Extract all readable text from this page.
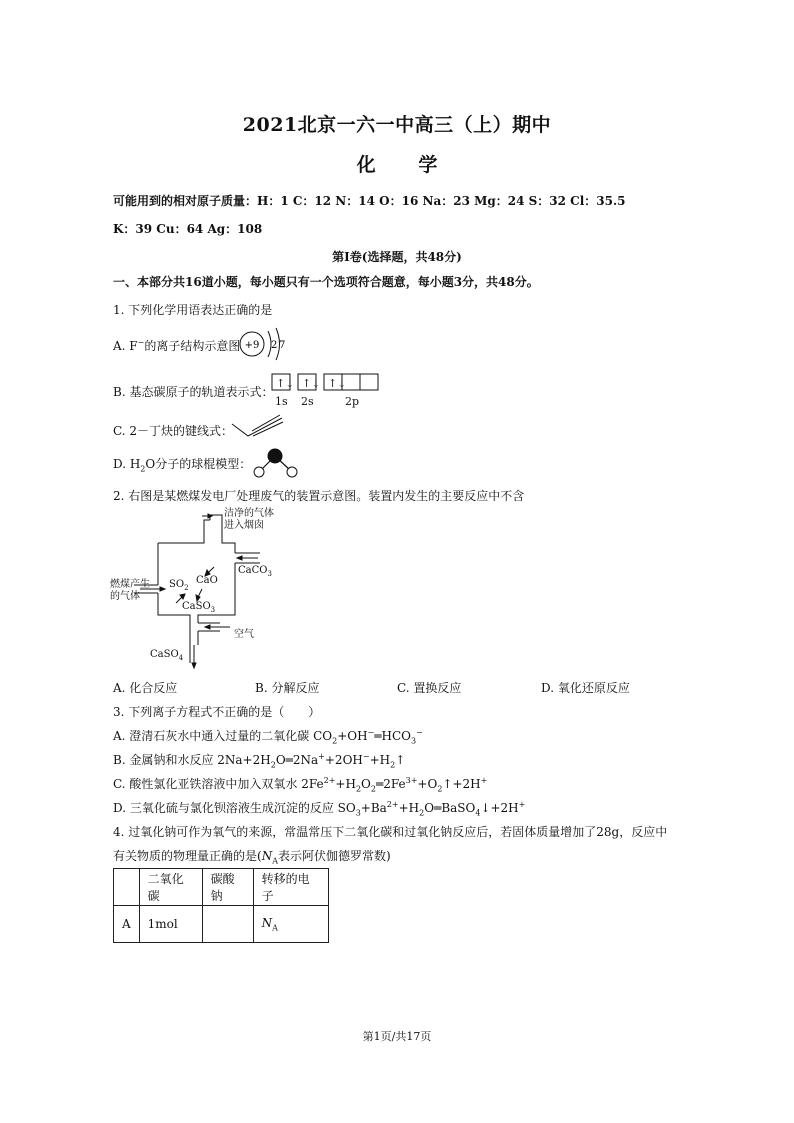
2021北京一六一中高三（上）期中
化 学
可能用到的相对原子质量：H：1 C：12 N：14 O：16 Na：23 Mg：24 S：32 Cl：35.5
K：39 Cu：64 Ag：108
第Ⅰ卷(选择题，共48分)
一、本部分共16道小题，每小题只有一个选项符合题意，每小题3分，共48分。
1. 下列化学用语表达正确的是
A. F−的离子结构示意图 +9 2 7
B. 基态碳原子的轨道表示式：
↑↓ ↑↓ ↑↓
1s 2s	2p
C. 2－丁炔的键线式：
D. $H_2O$分子的球棍模型：
2. 右图是某燃煤发电厂处理废气的装置示意图。装置内发生的主要反应中不含
洁净的气体
进入烟囱
CaCO$_3$
燃煤产生
的气体
$SO_2$
CaO
CaSO$_3$
空气
CaSO$_4$
A. 化合反应	B. 分解反应	C. 置换反应	D. 氧化还原反应
3. 下列离子方程式不正确的是（　　）
A. 澄清石灰水中通入过量的二氧化碳 $CO_2+OH^-═HCO_3^-$
B. 金属钠和水反应 $2Na+2H_2O═2Na^++2OH^-+H_2↑$
C. 酸性氯化亚铁溶液中加入双氧水 $2Fe^{2+}+H_2O_2═2Fe^{3+}+O_2↑+2H^+$
D. 三氧化硫与氯化钡溶液生成沉淀的反应 $SO_3+Ba^{2+}+H_2O═BaSO_4↓+2H^+$
4. 过氧化钠可作为氧气的来源，常温常压下二氧化碳和过氧化钠反应后，若固体质量增加了28g，反应中
有关物质的物理量正确的是($N_A$表示阿伏伽德罗常数)
	二氧化碳	碳酸钠	转移的电子
A	1mol		$N_A$
第1页/共17页
